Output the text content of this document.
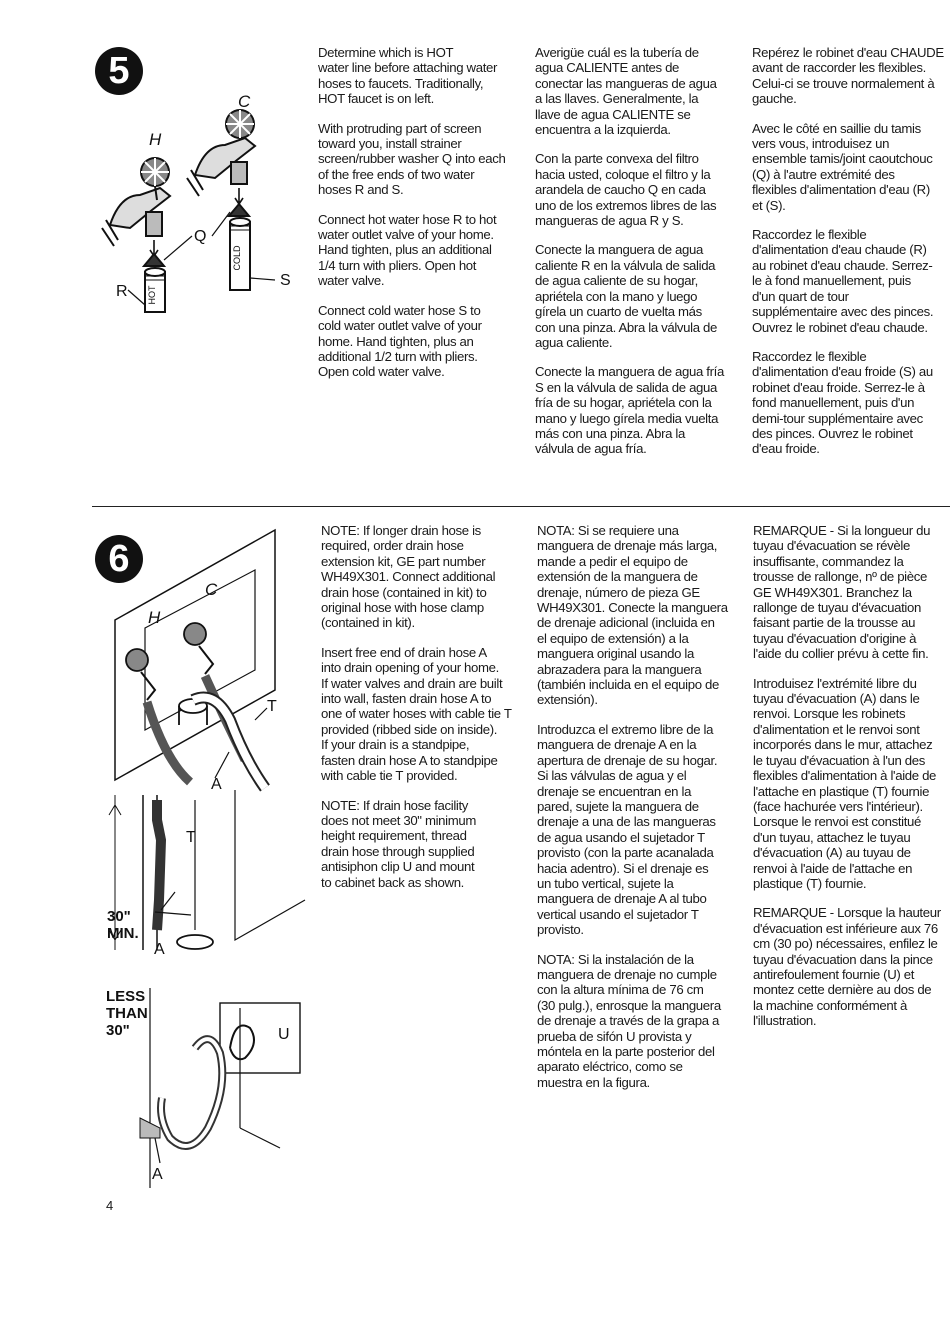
5
HOT
COLD
C
H
Q
R
S

Determine which is HOT
water line before attaching water
hoses to faucets. Traditionally,
HOT faucet is on left.

With protruding part of screen
toward you, install strainer
screen/rubber washer Q into each
of the free ends of two water
hoses R and S.

Connect hot water hose R to hot
water outlet valve of your home.
Hand tighten, plus an additional
1/4 turn with pliers. Open hot
water valve.

Connect cold water hose S to
cold water outlet valve of your
home. Hand tighten, plus an
additional 1/2 turn with pliers.
Open cold water valve.

Averigüe cuál es la tubería de
agua CALIENTE antes de
conectar las mangueras de agua
a las llaves. Generalmente, la
llave de agua CALIENTE se
encuentra a la izquierda.

Con la parte convexa del filtro
hacia usted, coloque el filtro y la
arandela de caucho Q en cada
uno de los extremos libres de las
mangueras de agua R y S.

Conecte la manguera de agua
caliente R en la válvula de salida
de agua caliente de su hogar,
apriétela con la mano y luego
gírela un cuarto de vuelta más
con una pinza. Abra la válvula de
agua caliente.

Conecte la manguera de agua fría
S en la válvula de salida de agua
fría de su hogar, apriétela con la
mano y luego gírela media vuelta
más con una pinza. Abra la
válvula de agua fría.

Repérez le robinet d'eau CHAUDE
avant de raccorder les flexibles.
Celui-ci se trouve normalement à
gauche.

Avec le côté en saillie du tamis
vers vous, introduisez un
ensemble tamis/joint caoutchouc
(Q) à l'autre extrémité des
flexibles d'alimentation d'eau (R)
et (S).

Raccordez le flexible
d'alimentation d'eau chaude (R)
au robinet d'eau chaude. Serrez-
le à fond manuellement, puis
d'un quart de tour
supplémentaire avec des pinces.
Ouvrez le robinet d'eau chaude.

Raccordez le flexible
d'alimentation d'eau froide (S) au
robinet d'eau froide. Serrez-le à
fond manuellement, puis d'un
demi-tour supplémentaire avec
des pinces. Ouvrez le robinet
d'eau froide.

6
C
H
T
A
T
30"
MIN.
A
LESS
THAN
30"	U
A

NOTE: If longer drain hose is
required, order drain hose
extension kit, GE part number
WH49X301. Connect additional
drain hose (contained in kit) to
original hose with hose clamp
(contained in kit).

Insert free end of drain hose A
into drain opening of your home.
If water valves and drain are built
into wall, fasten drain hose A to
one of water hoses with cable tie T
provided (ribbed side on inside).
If your drain is a standpipe,
fasten drain hose A to standpipe
with cable tie T provided.

NOTE: If drain hose facility
does not meet 30" minimum
height requirement, thread
drain hose through supplied
antisiphon clip U and mount
to cabinet back as shown.

NOTA: Si se requiere una
manguera de drenaje más larga,
mande a pedir el equipo de
extensión de la manguera de
drenaje, número de pieza GE
WH49X301. Conecte la manguera
de drenaje adicional (incluida en
el equipo de extensión) a la
manguera original usando la
abrazadera para la manguera
(también incluida en el equipo de
extensión).

Introduzca el extremo libre de la
manguera de drenaje A en la
apertura de drenaje de su hogar.
Si las válvulas de agua y el
drenaje se encuentran en la
pared, sujete la manguera de
drenaje a una de las mangueras
de agua usando el sujetador T
provisto (con la parte acanalada
hacia adentro). Si el drenaje es
un tubo vertical, sujete la
manguera de drenaje A al tubo
vertical usando el sujetador T
provisto.

NOTA: Si la instalación de la
manguera de drenaje no cumple
con la altura mínima de 76 cm
(30 pulg.), enrosque la manguera
de drenaje a través de la grapa a
prueba de sifón U provista y
móntela en la parte posterior del
aparato eléctrico, como se
muestra en la figura.

REMARQUE - Si la longueur du
tuyau d'évacuation se révèle
insuffisante, commandez la
trousse de rallonge, nº de pièce
GE WH49X301. Branchez la
rallonge de tuyau d'évacuation
faisant partie de la trousse au
tuyau d'évacuation d'origine à
l'aide du collier prévu à cette fin.

Introduisez l'extrémité libre du
tuyau d'évacuation (A) dans le
renvoi. Lorsque les robinets
d'alimentation et le renvoi sont
incorporés dans le mur, attachez
le tuyau d'évacuation à l'un des
flexibles d'alimentation à l'aide de
l'attache en plastique (T) fournie
(face hachurée vers l'intérieur).
Lorsque le renvoi est constitué
d'un tuyau, attachez le tuyau
d'évacuation (A) au tuyau de
renvoi à l'aide de l'attache en
plastique (T) fournie.

REMARQUE - Lorsque la hauteur
d'évacuation est inférieure aux 76
cm (30 po) nécessaires, enfilez le
tuyau d'évacuation dans la pince
antirefoulement fournie (U) et
montez cette dernière au dos de
la machine conformément à
l'illustration.

4
